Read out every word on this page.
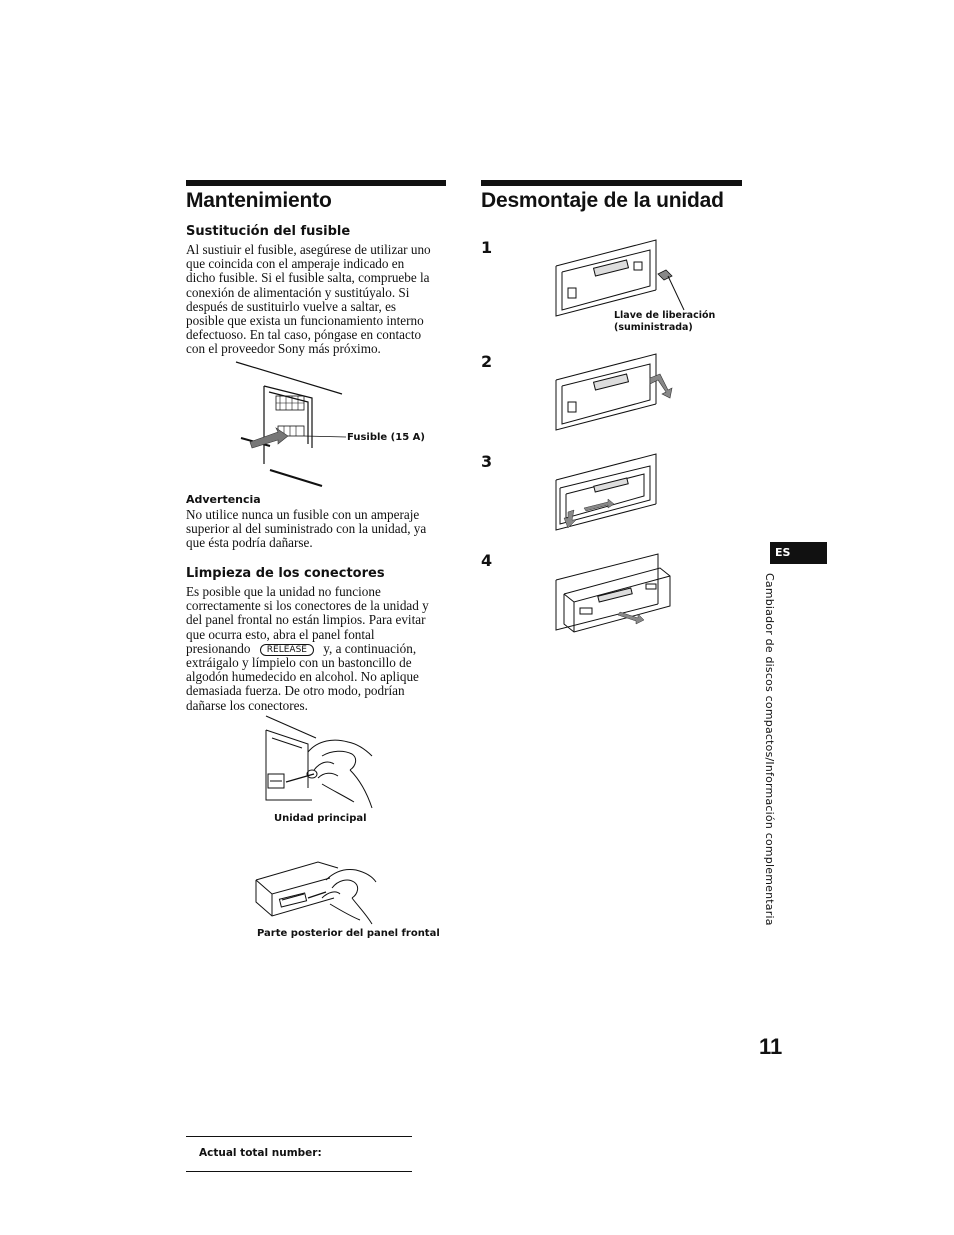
Mantenimiento
Sustitución del fusible
Al sustiuir el fusible, asegúrese de utilizar uno
que coincida con el amperaje indicado en
dicho fusible. Si el fusible salta, compruebe la
conexión de alimentación y sustitúyalo. Si
después de sustituirlo vuelve a saltar, es
posible que exista un funcionamiento interno
defectuoso. En tal caso, póngase en contacto
con el proveedor Sony más próximo.
Fusible (15 A)
Advertencia
No utilice nunca un fusible con un amperaje
superior al del suministrado con la unidad, ya
que ésta podría dañarse.
Limpieza de los conectores
Es posible que la unidad no funcione
correctamente si los conectores de la unidad y
del panel frontal no están limpios. Para evitar
que ocurra esto, abra el panel fontal
presionando RELEASE y, a continuación,
extráigalo y límpielo con un bastoncillo de
algodón humedecido en alcohol. No aplique
demasiada fuerza. De otro modo, podrían
dañarse los conectores.
Unidad principal
Parte posterior del panel frontal
Desmontaje de la unidad
1
2
3
4
Llave de liberación
(suministrada)
ES
Cambiador de discos compactos/Información complementaria
11
Actual total number:
